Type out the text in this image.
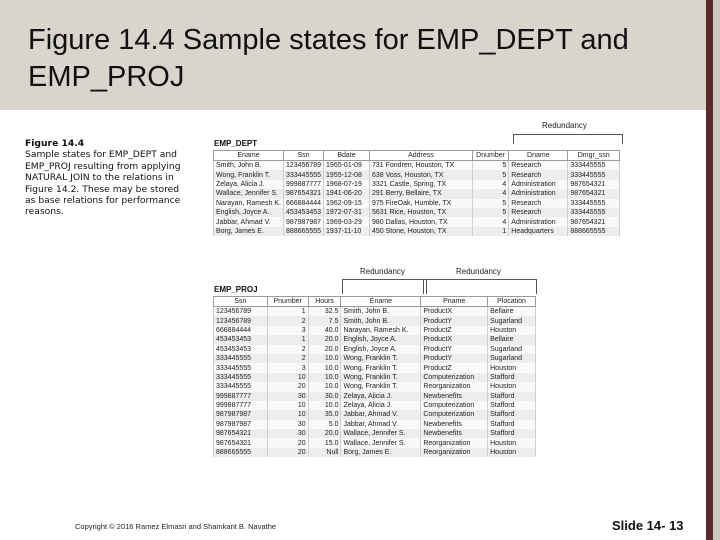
Figure 14.4 Sample states for EMP_DEPT and EMP_PROJ
Figure 14.4
Sample states for EMP_DEPT and EMP_PROJ resulting from applying NATURAL JOIN to the relations in Figure 14.2. These may be stored as base relations for performance reasons.
Redundancy
EMP_DEPT
Ename	Ssn	Bdate	Address	Dnumber	Dname	Dmgr_ssn
Smith, John B.	123456789	1965-01-09	731 Fondren, Houston, TX	5	Research	333445555
Wong, Franklin T.	333445555	1955-12-08	638 Voss, Houston, TX	5	Research	333445555
Zelaya, Alicia J.	999887777	1968-07-19	3321 Castle, Spring, TX	4	Administration	987654321
Wallace, Jennifer S.	987654321	1941-06-20	291 Berry, Bellaire, TX	4	Administration	987654321
Narayan, Ramesh K.	666884444	1962-09-15	975 FireOak, Humble, TX	5	Research	333445555
English, Joyce A.	453453453	1972-07-31	5631 Rice, Houston, TX	5	Research	333445555
Jabbar, Ahmad V.	987987987	1969-03-29	980 Dallas, Houston, TX	4	Administration	987654321
Borg, James E.	888665555	1937-11-10	450 Stone, Houston, TX	1	Headquarters	888665555
Redundancy	Redundancy
EMP_PROJ
Ssn	Pnumber	Hours	Ename	Pname	Plocation
123456789	1	32.5	Smith, John B.	ProductX	Bellaire
123456789	2	7.5	Smith, John B.	ProductY	Sugarland
666884444	3	40.0	Narayan, Ramesh K.	ProductZ	Houston
453453453	1	20.0	English, Joyce A.	ProductX	Bellaire
453453453	2	20.0	English, Joyce A.	ProductY	Sugarland
333445555	2	10.0	Wong, Franklin T.	ProductY	Sugarland
333445555	3	10.0	Wong, Franklin T.	ProductZ	Houston
333445555	10	10.0	Wong, Franklin T.	Computerization	Stafford
333445555	20	10.0	Wong, Franklin T.	Reorganization	Houston
999887777	30	30.0	Zelaya, Alicia J.	Newbenefits	Stafford
999887777	10	10.0	Zelaya, Alicia J.	Computerization	Stafford
987987987	10	35.0	Jabbar, Ahmad V.	Computerization	Stafford
987987987	30	5.0	Jabbar, Ahmad V.	Newbenefits	Stafford
987654321	30	20.0	Wallace, Jennifer S.	Newbenefits	Stafford
987654321	20	15.0	Wallace, Jennifer S.	Reorganization	Houston
888665555	20	Null	Borg, James E.	Reorganization	Houston
Copyright © 2016 Ramez Elmasri and Shamkant B. Navathe	Slide 14- 13
